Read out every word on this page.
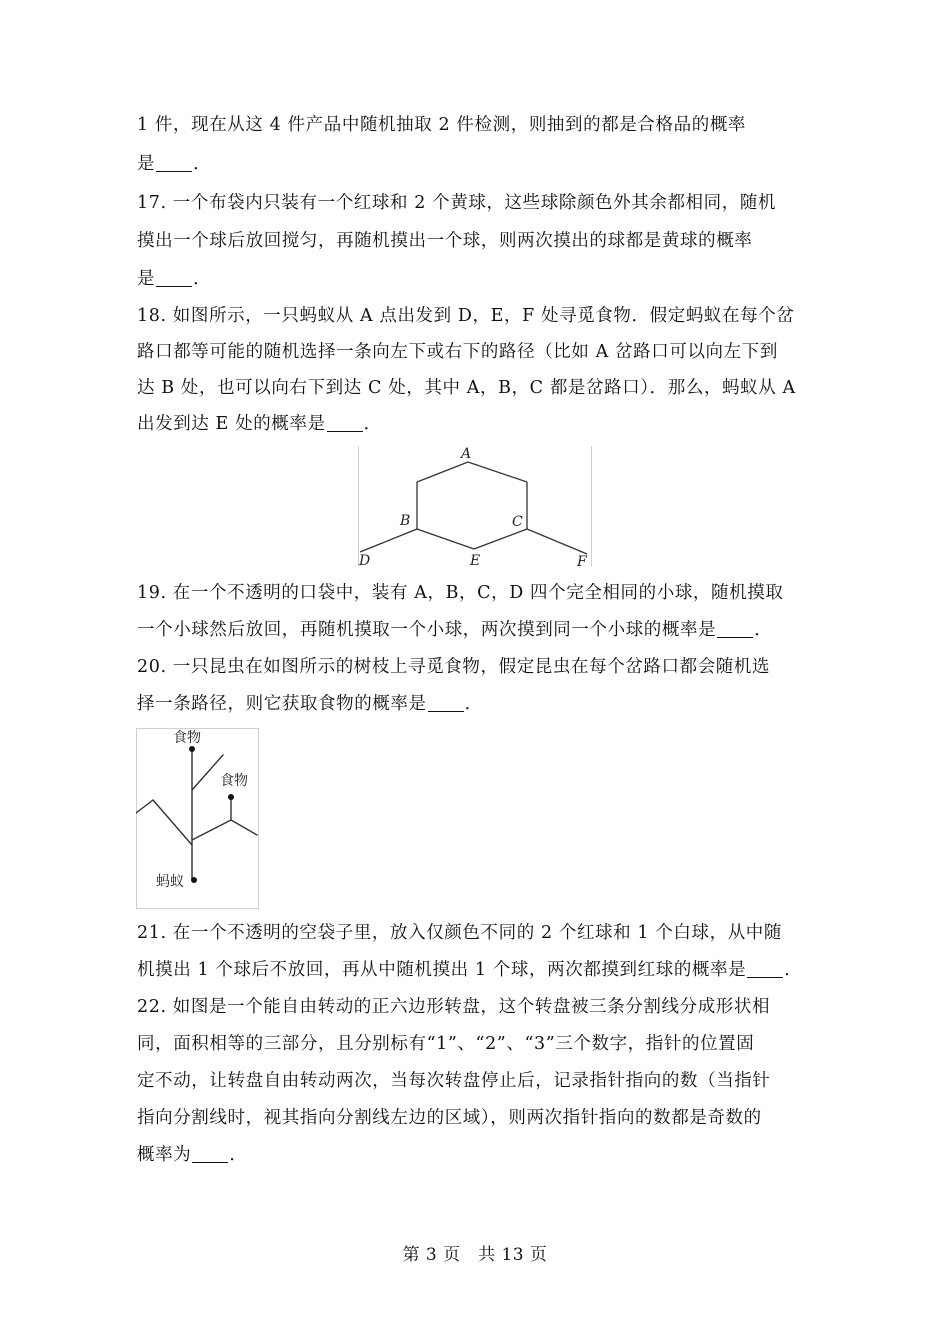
1 件，现在从这 4 件产品中随机抽取 2 件检测，则抽到的都是合格品的概率
是 ．
17. 一个布袋内只装有一个红球和 2 个黄球，这些球除颜色外其余都相同，随机
摸出一个球后放回搅匀，再随机摸出一个球，则两次摸出的球都是黄球的概率
是 ．
18. 如图所示，一只蚂蚁从 A 点出发到 D，E，F 处寻觅食物．假定蚂蚁在每个岔
路口都等可能的随机选择一条向左下或右下的路径（比如 A 岔路口可以向左下到
达 B 处，也可以向右下到达 C 处，其中 A，B，C 都是岔路口）．那么，蚂蚁从 A
出发到达 E 处的概率是 ．
A
B	C
D	E	F
19. 在一个不透明的口袋中，装有 A，B，C，D 四个完全相同的小球，随机摸取
一个小球然后放回，再随机摸取一个小球，两次摸到同一个小球的概率是 ．
20. 一只昆虫在如图所示的树枝上寻觅食物，假定昆虫在每个岔路口都会随机选
择一条路径，则它获取食物的概率是 ．
食物
食物
蚂蚁
21. 在一个不透明的空袋子里，放入仅颜色不同的 2 个红球和 1 个白球，从中随
机摸出 1 个球后不放回，再从中随机摸出 1 个球，两次都摸到红球的概率是 ．
22. 如图是一个能自由转动的正六边形转盘，这个转盘被三条分割线分成形状相
同，面积相等的三部分，且分别标有“1”、“2”、“3”三个数字，指针的位置固
定不动，让转盘自由转动两次，当每次转盘停止后，记录指针指向的数（当指针
指向分割线时，视其指向分割线左边的区域），则两次指针指向的数都是奇数的
概率为 ．
第 3 页　共 13 页
